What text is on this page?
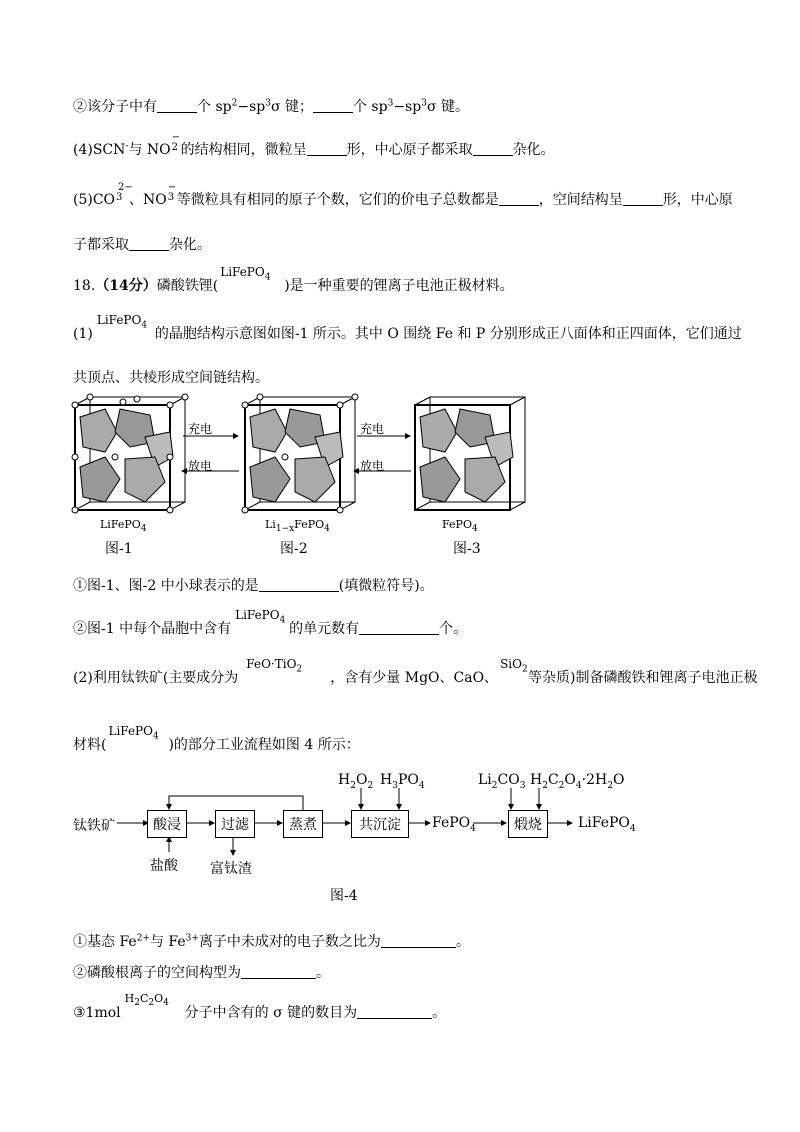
②该分子中有	个 $sp^2-sp^3\sigma$ 键；	个 $sp^3-sp^3\sigma$ 键。
(4)SCN-与 NO
−
2 的结构相同，微粒呈	形，中心原子都采取	杂化。
(5)CO
2−
3 、NO
−
3 等微粒具有相同的原子个数，它们的价电子总数都是	，空间结构呈	形，中心原
子都采取	杂化。
18.（14分）磷酸铁锂(
LiFePO$_4$
)是一种重要的锂离子电池正极材料。
(1)
LiFePO$_4$
的晶胞结构示意图如图-1 所示。其中 O 围绕 Fe 和 P 分别形成正八面体和正四面体，它们通过
共顶点、共棱形成空间链结构。
充电
放电
充电
放电
LiFePO$_4$	$Li_{1-x}FePO_4$	FePO$_4$
图-1	图-2	图-3
①图-1、图-2 中小球表示的是	(填微粒符号)。
②图-1 中每个晶胞中含有
LiFePO$_4$
的单元数有	个。
(2)利用钛铁矿(主要成分为
FeO·TiO$_2$
，含有少量 MgO、CaO、
SiO$_2$
等杂质)制备磷酸铁和锂离子电池正极
材料(
LiFePO$_4$
)的部分工业流程如图 4 所示：
钛铁矿	酸浸	过滤	蒸煮	共沉淀	FePO$_4$	煅烧	LiFePO$_4$
盐酸 富钛渣
$H_2O_2$ $H_3PO_4$	$Li_2CO_3$ $H_2C_2O_4\cdot 2H_2O$
图-4
①基态 $Fe^{2+}$与 $Fe^{3+}$离子中未成对的电子数之比为	。
②磷酸根离子的空间构型为	。
③1mol
$H_2C_2O_4$
分子中含有的 σ 键的数目为	。
